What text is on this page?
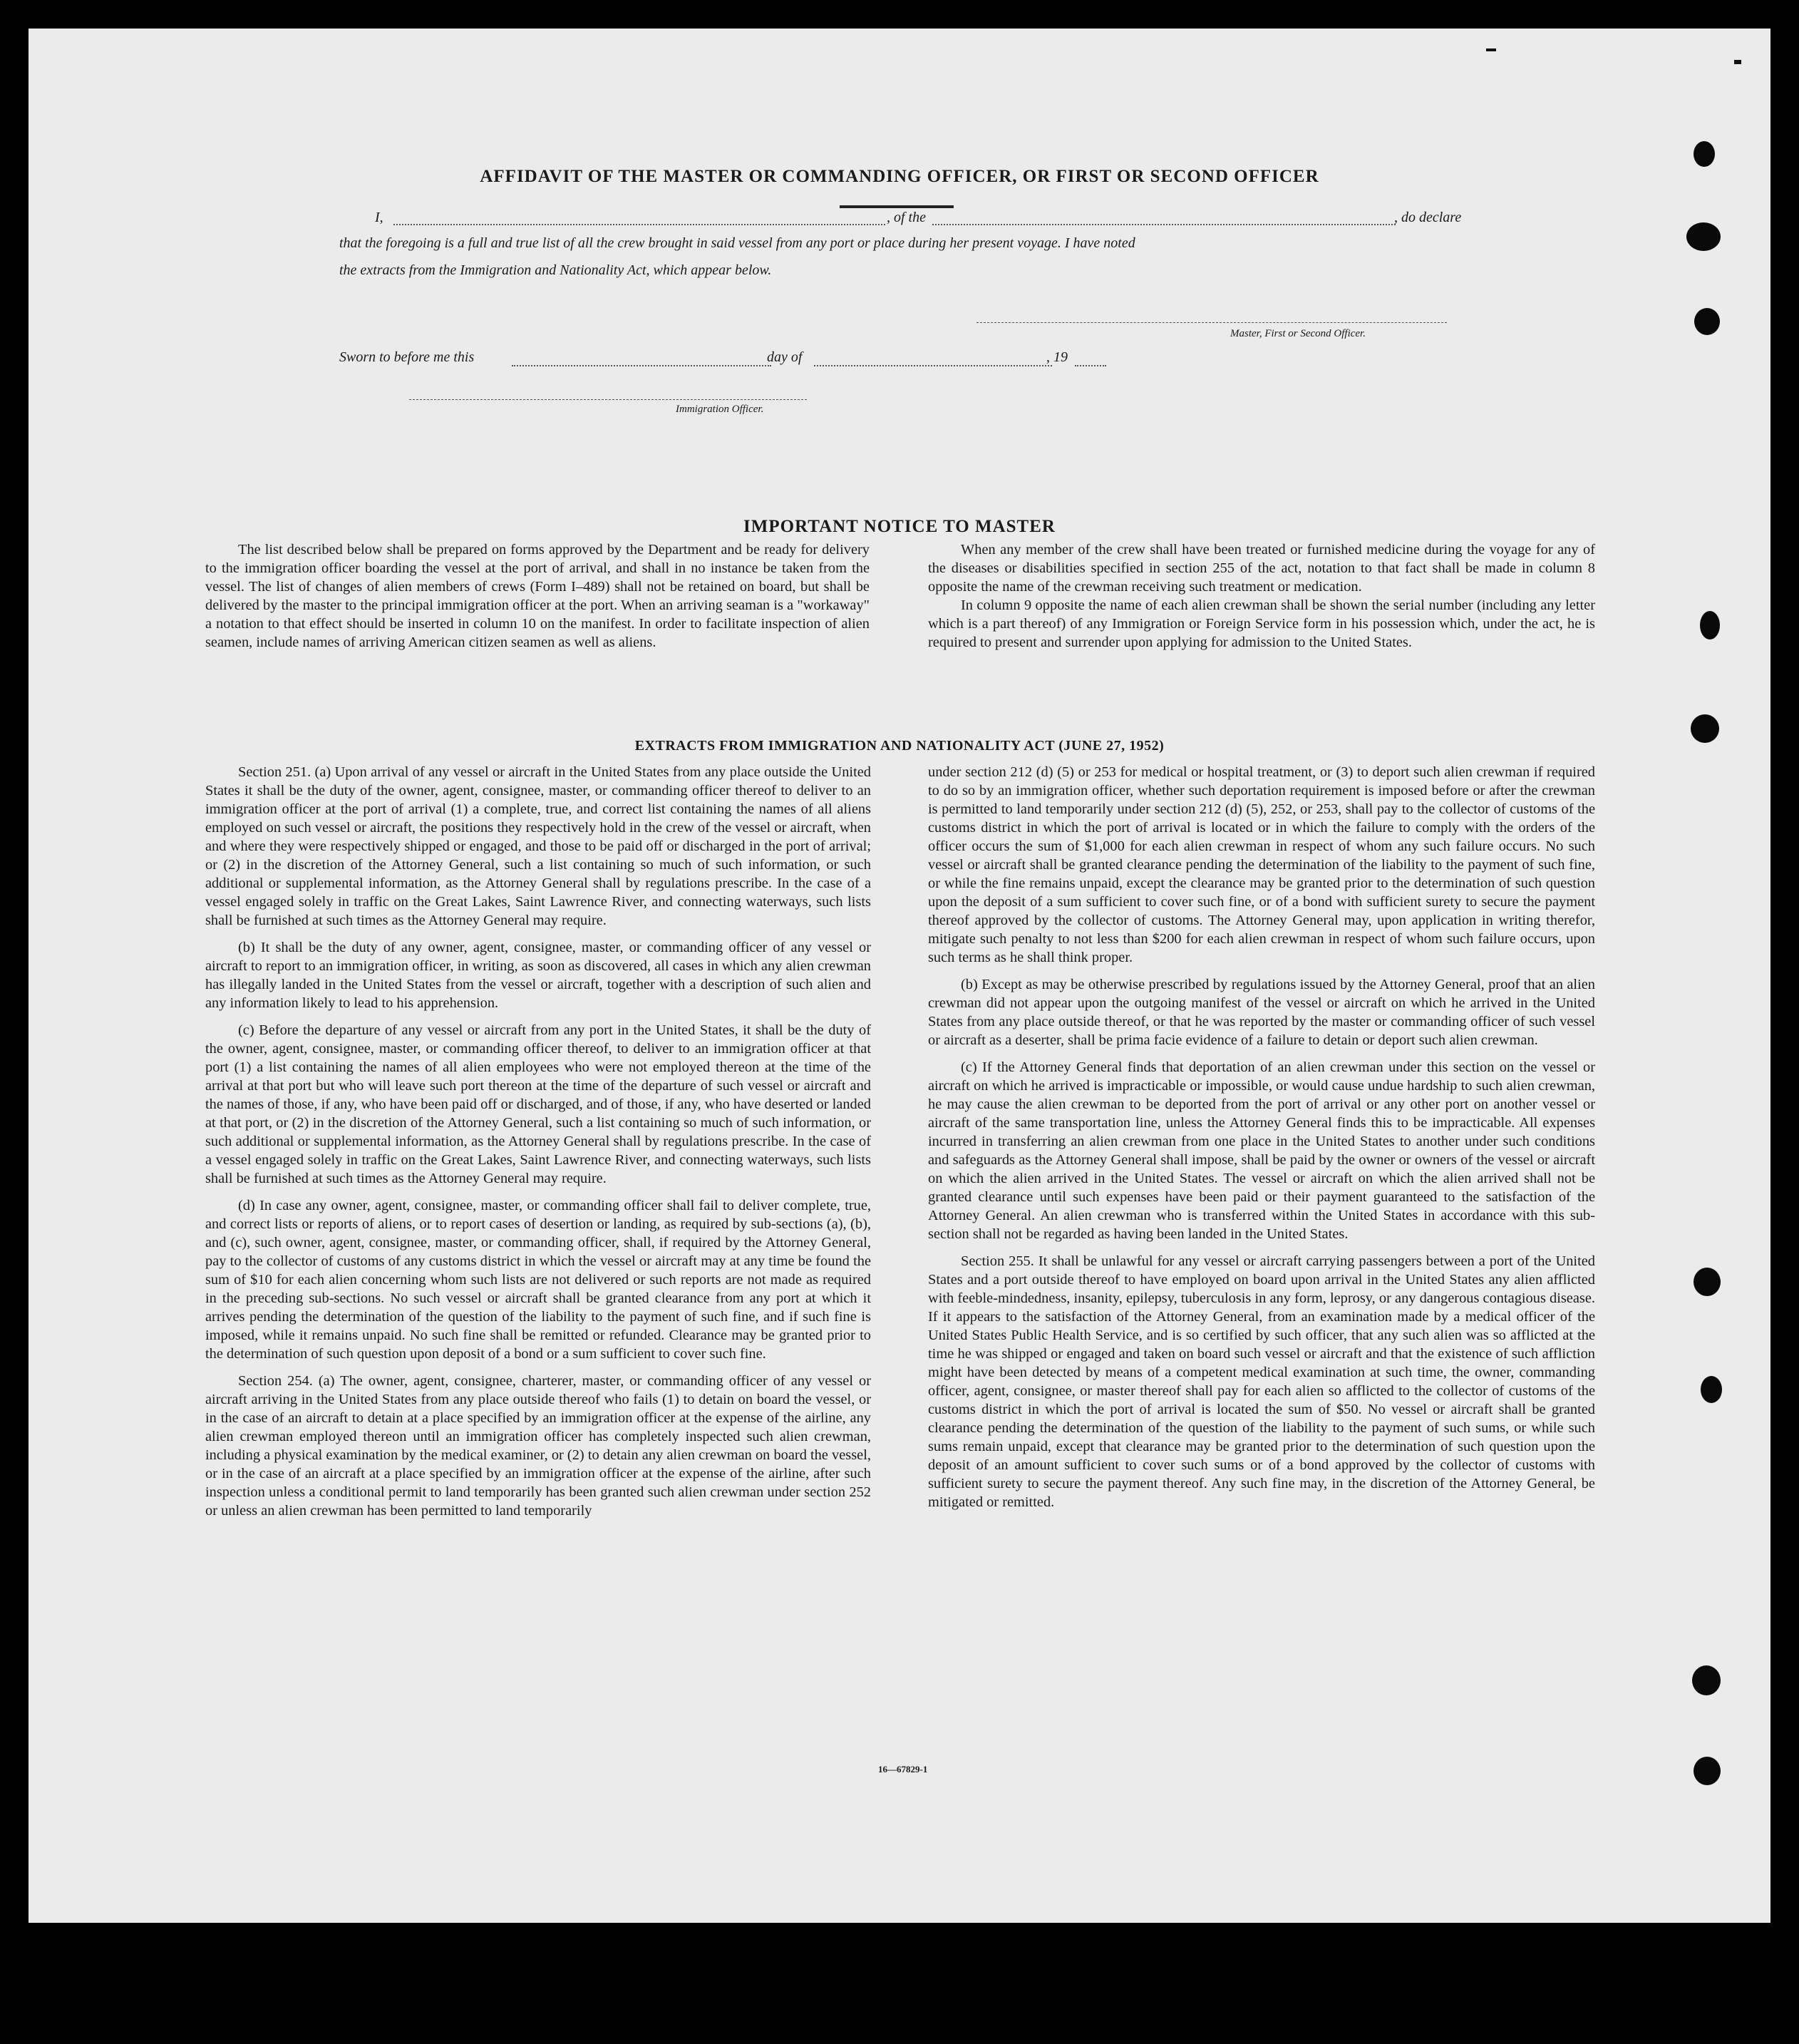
AFFIDAVIT OF THE MASTER OR COMMANDING OFFICER, OR FIRST OR SECOND OFFICER
I,	, of the	, do declare
that the foregoing is a full and true list of all the crew brought in said vessel from any port or place during her present voyage. I have noted
the extracts from the Immigration and Nationality Act, which appear below.
Master, First or Second Officer.
Sworn to before me this	day of	, 19
Immigration Officer.
IMPORTANT NOTICE TO MASTER

The list described below shall be prepared on forms approved by the Department and be ready for delivery to the immigration officer boarding the vessel at the port of arrival, and shall in no instance be taken from the vessel. The list of changes of alien members of crews (Form I–489) shall not be retained on board, but shall be delivered by the master to the principal immigration officer at the port. When an arriving seaman is a "workaway" a notation to that effect should be inserted in column 10 on the manifest. In order to facilitate inspection of alien seamen, include names of arriving American citizen seamen as well as aliens.

When any member of the crew shall have been treated or furnished medicine during the voyage for any of the diseases or disabilities specified in section 255 of the act, notation to that fact shall be made in column 8 opposite the name of the crewman receiving such treatment or medication.

In column 9 opposite the name of each alien crewman shall be shown the serial number (including any letter which is a part thereof) of any Immigration or Foreign Service form in his possession which, under the act, he is required to present and surrender upon applying for admission to the United States.

EXTRACTS FROM IMMIGRATION AND NATIONALITY ACT (JUNE 27, 1952)

Section 251. (a) Upon arrival of any vessel or aircraft in the United States from any place outside the United States it shall be the duty of the owner, agent, consignee, master, or commanding officer thereof to deliver to an immigration officer at the port of arrival (1) a complete, true, and correct list containing the names of all aliens employed on such vessel or aircraft, the positions they respectively hold in the crew of the vessel or aircraft, when and where they were respectively shipped or engaged, and those to be paid off or discharged in the port of arrival; or (2) in the discretion of the Attorney General, such a list containing so much of such information, or such additional or supplemental information, as the Attorney General shall by regulations prescribe. In the case of a vessel engaged solely in traffic on the Great Lakes, Saint Lawrence River, and connecting waterways, such lists shall be furnished at such times as the Attorney General may require.

(b) It shall be the duty of any owner, agent, consignee, master, or commanding officer of any vessel or aircraft to report to an immigration officer, in writing, as soon as discovered, all cases in which any alien crewman has illegally landed in the United States from the vessel or aircraft, together with a description of such alien and any information likely to lead to his apprehension.

(c) Before the departure of any vessel or aircraft from any port in the United States, it shall be the duty of the owner, agent, consignee, master, or commanding officer thereof, to deliver to an immigration officer at that port (1) a list containing the names of all alien employees who were not employed thereon at the time of the arrival at that port but who will leave such port thereon at the time of the departure of such vessel or aircraft and the names of those, if any, who have been paid off or discharged, and of those, if any, who have deserted or landed at that port, or (2) in the discretion of the Attorney General, such a list containing so much of such information, or such additional or supplemental information, as the Attorney General shall by regulations prescribe. In the case of a vessel engaged solely in traffic on the Great Lakes, Saint Lawrence River, and connecting waterways, such lists shall be furnished at such times as the Attorney General may require.

(d) In case any owner, agent, consignee, master, or commanding officer shall fail to deliver complete, true, and correct lists or reports of aliens, or to report cases of desertion or landing, as required by sub-sections (a), (b), and (c), such owner, agent, consignee, master, or commanding officer, shall, if required by the Attorney General, pay to the collector of customs of any customs district in which the vessel or aircraft may at any time be found the sum of $10 for each alien concerning whom such lists are not delivered or such reports are not made as required in the preceding sub-sections. No such vessel or aircraft shall be granted clearance from any port at which it arrives pending the determination of the question of the liability to the payment of such fine, and if such fine is imposed, while it remains unpaid. No such fine shall be remitted or refunded. Clearance may be granted prior to the determination of such question upon deposit of a bond or a sum sufficient to cover such fine.

Section 254. (a) The owner, agent, consignee, charterer, master, or commanding officer of any vessel or aircraft arriving in the United States from any place outside thereof who fails (1) to detain on board the vessel, or in the case of an aircraft to detain at a place specified by an immigration officer at the expense of the airline, any alien crewman employed thereon until an immigration officer has completely inspected such alien crewman, including a physical examination by the medical examiner, or (2) to detain any alien crewman on board the vessel, or in the case of an aircraft at a place specified by an immigration officer at the expense of the airline, after such inspection unless a conditional permit to land temporarily has been granted such alien crewman under section 252 or unless an alien crewman has been permitted to land temporarily

under section 212 (d) (5) or 253 for medical or hospital treatment, or (3) to deport such alien crewman if required to do so by an immigration officer, whether such deportation requirement is imposed before or after the crewman is permitted to land temporarily under section 212 (d) (5), 252, or 253, shall pay to the collector of customs of the customs district in which the port of arrival is located or in which the failure to comply with the orders of the officer occurs the sum of $1,000 for each alien crewman in respect of whom any such failure occurs. No such vessel or aircraft shall be granted clearance pending the determination of the liability to the payment of such fine, or while the fine remains unpaid, except the clearance may be granted prior to the determination of such question upon the deposit of a sum sufficient to cover such fine, or of a bond with sufficient surety to secure the payment thereof approved by the collector of customs. The Attorney General may, upon application in writing therefor, mitigate such penalty to not less than $200 for each alien crewman in respect of whom such failure occurs, upon such terms as he shall think proper.

(b) Except as may be otherwise prescribed by regulations issued by the Attorney General, proof that an alien crewman did not appear upon the outgoing manifest of the vessel or aircraft on which he arrived in the United States from any place outside thereof, or that he was reported by the master or commanding officer of such vessel or aircraft as a deserter, shall be prima facie evidence of a failure to detain or deport such alien crewman.

(c) If the Attorney General finds that deportation of an alien crewman under this section on the vessel or aircraft on which he arrived is impracticable or impossible, or would cause undue hardship to such alien crewman, he may cause the alien crewman to be deported from the port of arrival or any other port on another vessel or aircraft of the same transportation line, unless the Attorney General finds this to be impracticable. All expenses incurred in transferring an alien crewman from one place in the United States to another under such conditions and safeguards as the Attorney General shall impose, shall be paid by the owner or owners of the vessel or aircraft on which the alien arrived in the United States. The vessel or aircraft on which the alien arrived shall not be granted clearance until such expenses have been paid or their payment guaranteed to the satisfaction of the Attorney General. An alien crewman who is transferred within the United States in accordance with this sub-section shall not be regarded as having been landed in the United States.

Section 255. It shall be unlawful for any vessel or aircraft carrying passengers between a port of the United States and a port outside thereof to have employed on board upon arrival in the United States any alien afflicted with feeble-mindedness, insanity, epilepsy, tuberculosis in any form, leprosy, or any dangerous contagious disease. If it appears to the satisfaction of the Attorney General, from an examination made by a medical officer of the United States Public Health Service, and is so certified by such officer, that any such alien was so afflicted at the time he was shipped or engaged and taken on board such vessel or aircraft and that the existence of such affliction might have been detected by means of a competent medical examination at such time, the owner, commanding officer, agent, consignee, or master thereof shall pay for each alien so afflicted to the collector of customs of the customs district in which the port of arrival is located the sum of $50. No vessel or aircraft shall be granted clearance pending the determination of the question of the liability to the payment of such sums, or while such sums remain unpaid, except that clearance may be granted prior to the determination of such question upon the deposit of an amount sufficient to cover such sums or of a bond approved by the collector of customs with sufficient surety to secure the payment thereof. Any such fine may, in the discretion of the Attorney General, be mitigated or remitted.

16—67829-1
